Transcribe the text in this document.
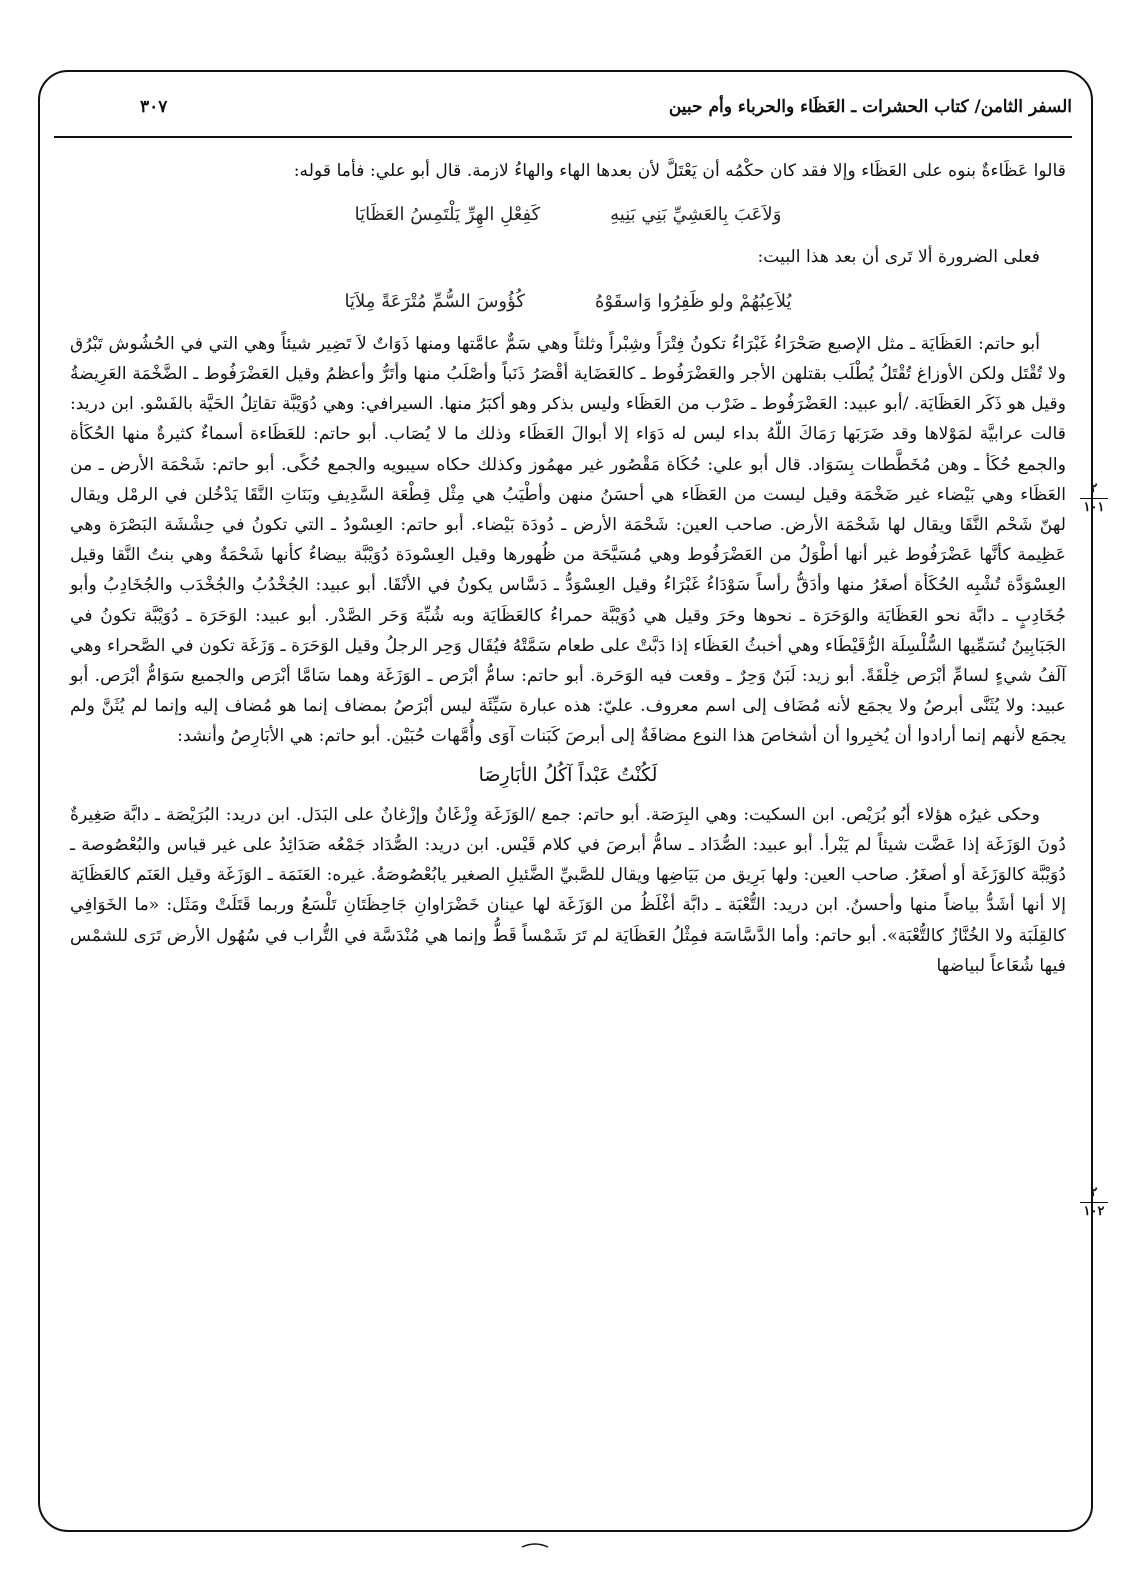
السفر الثامن/ كتاب الحشرات ـ العَظَاء والحرباء وأم حبين
٣٠٧

قالوا عَظَاءةٌ بنوه على العَظَاء وإلا فقد كان حكْمُه أن يَعْتَلَّ لأن بعدها الهاء والهاءُ لازمة. قال أبو علي: فأما قوله:

وَلاَعَبَ بِالعَشِيِّ بَنِي بَنِيهِ
كَفِعْلِ الهِرِّ يَلْتَمِسُ العَظَايَا

فعلى الضرورة ألا تَرى أن بعد هذا البيت:

يُلاَعِبُهُمْ ولو ظَفِرُوا وَاسقَوْهُ
كُؤُوسَ السُّمِّ مُتْرَعَةً مِلاَيَا

أبو حاتم: العَظَايَة ـ مثل الإصبع صَحْرَاءُ غَبْرَاءُ تكونُ فِتْرَاً وشِبْراً وثلثاً وهي سَمٌّ عامَّتها ومنها ذَوَاتٌ لاَ تَضِير شيئاً وهي التي في الحُشُوش تَبْرُق ولا تُقْتَل ولكن الأوزاغ تُقْتَلُ يُطْلَب بقتلهن الأجر والعَضْرَفُوط ـ كالعَضَاية أقْصَرُ ذَنَباً وأصْلَبُ منها وأتَرُّ وأعظمُ وقيل العَضْرَفُوط ـ الضَّخْمَة العَرِيضةُ وقيل هو ذَكَر العَظَايَة. /أبو عبيد: العَضْرَفُوط ـ ضَرْب من العَظَاء وليس بذكر وهو أكبَرُ منها. السيرافي: وهي دُوَيْبَّة تقاتِلُ الحَيَّة بالفَسْو. ابن دريد: قالت عرابيَّة لمَوْلاها وقد ضَرَبَها رَمَاكَ اللّهُ بداء ليس له دَوَاء إلا أبوالَ العَظَاء وذلك ما لا يُصَاب. أبو حاتم: للعَظَاءة أسماءٌ كثيرةٌ منها الحُكَأة والجمع حُكَأ ـ وهن مُخَطَّطات بِسَوَاد. قال أبو علي: حُكَاة مَقْصُور غير مهمُوز وكذلك حكاه سيبويه والجمع حُكًى. أبو حاتم: شَحْمَة الأرض ـ من العَظَاء وهي بَيْضاء غير ضَخْمَة وقيل ليست من العَظَاء هي أحسَنُ منهن وأطْيَبُ هي مِثْل قِطْعَة السَّدِيفِ وبَنَاتِ النَّقَا يَدْخُلن في الرمْل ويقال لهنّ شَحْم النَّقَا ويقال لها شَحْمَة الأرض. صاحب العين: شَحْمَة الأرض ـ دُودَة بَيْضاء. أبو حاتم: العِسْودُ ـ التي تكونُ في حِشْشَة البَصْرَة وهي عَظِيمة كأنَّها عَضْرَفُوط غير أنها أطْوَلُ من العَضْرَفُوط وهي مُسَيَّحَة من ظُهورها وقيل العِسْودَة دُوَيْبَّة بيضاءُ كأنها شَحْمَةٌ وهي بنتُ النَّقا وقيل العِسْوَدَّة تُشْبِه الحُكَأة أصغَرُ منها وأدَقُّ رأساً سَوْدَاءُ غَبْرَاءُ وقيل العِسْوَدُّ ـ دَسَّاس يكونُ في الأنْقَا. أبو عبيد: الجُخْدُبُ والجُخْدَب والجُخَادِبُ وأبو جُخَادِبٍ ـ دابَّة نحو العَظَايَة والوَحَرَة ـ نحوها وحَرَ وقيل هي دُوَيْبَّة حمراءُ كالعَظَايَة وبه شُبِّهَ وَحَر الصَّدْر. أبو عبيد: الوَحَرَة ـ دُوَيْبَّة تكونُ في الجَبَابِينُ نُسَمِّيها السُّلْسِلَة الرُّقَيْطَاء وهي أخبثُ العَظَاء إذا دَبَّتْ على طعام سَمَّتْهُ فيُقَال وَحِر الرجلُ وقيل الوَحَرَة ـ وَزَغَة تكون في الصَّحراء وهي آلَفُ شيءٍ لسامِّ أبْرَص خِلْقَةً. أبو زيد: لَبَنٌ وَحِرٌ ـ وقعت فيه الوَحَرة. أبو حاتم: سامُّ أبْرَص ـ الوَزَغَة وهما سَامَّا أبْرَص والجميع سَوَامُّ أبْرَص. أبو عبيد: ولا يُثَنَّى أبرصُ ولا يجمَع لأنه مُضَاف إلى اسم معروف. عليّ: هذه عبارة سَيِّئَة ليس أبْرَصُ بمضاف إنما هو مُضاف إليه وإنما لم يُثَنَّ ولم يجمَع لأنهم إنما أرادوا أن يُخبِروا أن أشخاصَ هذا النوع مضافَةٌ إلى أبرصَ كَبَنات آوَى وأُمَّهات حُبَيْن. أبو حاتم: هي الأبَارِصُ وأنشد:

لَكُنْتُ عَبْداً آكُلُ الأبَارِصَا

وحكى غيرُه هؤلاء أبُو بُرَيْص. ابن السكيت: وهي البِرَصَة. أبو حاتم: جمع /الوَزَغَة وِزْغَانٌ وإزْغانٌ على البَدَل. ابن دريد: البُرَيْصَة ـ دابَّة صَغِيرةٌ دُونَ الوَزَغَة إذا عَضَّت شيئاً لم يَبْرأ. أبو عبيد: الصُّدَاد ـ سامُّ أبرصَ في كلام قَيْس. ابن دريد: الصُّدَاد جَمْعُه صَدَائِدُ على غير قياس والبُعْصُوصة ـ دُوَيْبَّة كالوَزَغَة أو أصغَرُ. صاحب العين: ولها بَرِيق من بَيَاضِها ويقال للصَّبيِّ الضَّئيلِ الصغير يابُعْصُوصَةُ. غيره: العَنَمَة ـ الوَزَغَة وقيل العَنَم كالعَظَايَة إلا أنها أشَدُّ بياضاً منها وأحسنُ. ابن دريد: التُّعْبَة ـ دابَّة أغْلَظُ من الوَزَغَة لها عينان خَضْرَاوانِ جَاحِظَتَانِ تَلْسَعُ وربما قَتَلَتْ ومَثَل: «ما الخَوَافِي كالقِلَبَة ولا الخُنَّازُ كالتُّعْبَة». أبو حاتم: وأما الدَّسَّاسَة فمِثْلُ العَظَايَة لم تَرَ شَمْساً قَطُّ وإنما هي مُنْدَسَّة في التُّراب في سُهُول الأرض تَرَى للشمْس فيها شُعَاعاً لبياضها

٢
١٠١
٢
١٠٢
